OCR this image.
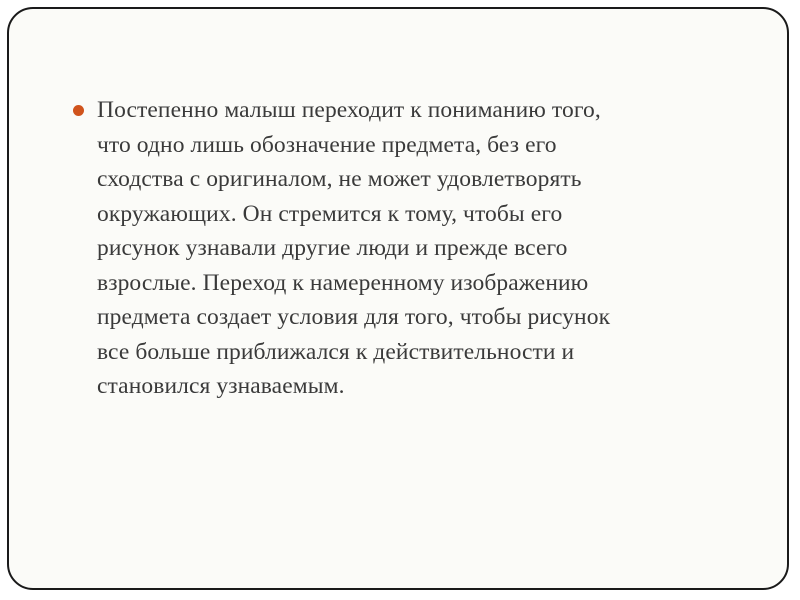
Постепенно малыш переходит к пониманию того,
что одно лишь обозначение предмета, без его
сходства с оригиналом, не может удовлетворять
окружающих. Он стремится к тому, чтобы его
рисунок узнавали другие люди и прежде всего
взрослые. Переход к намеренному изображению
предмета создает условия для того, чтобы рисунок
все больше приближался к действительности и
становился узнаваемым.
